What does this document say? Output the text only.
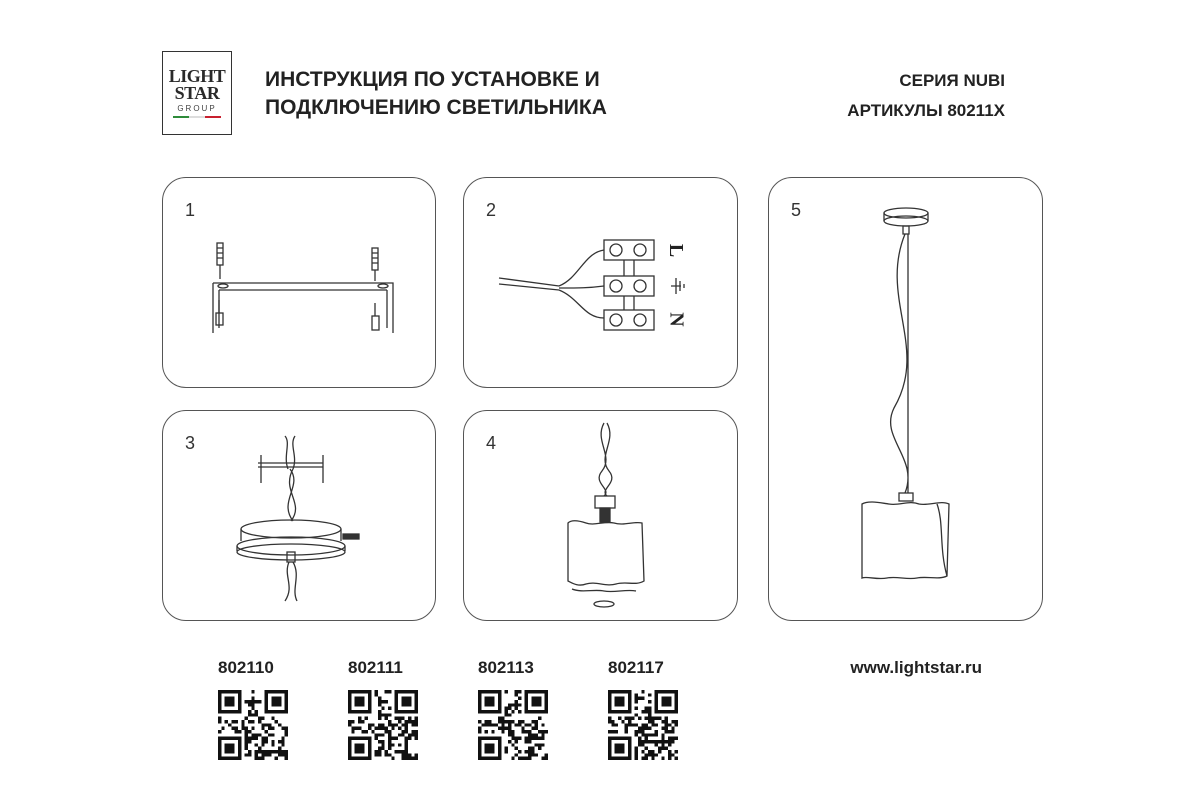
LIGHT
STAR
GROUP
ИНСТРУКЦИЯ ПО УСТАНОВКЕ И
ПОДКЛЮЧЕНИЮ СВЕТИЛЬНИКА
СЕРИЯ NUBI
АРТИКУЛЫ 80211X
1	2
L
N
3	4
5
802110	802111	802113	802117	www.lightstar.ru
